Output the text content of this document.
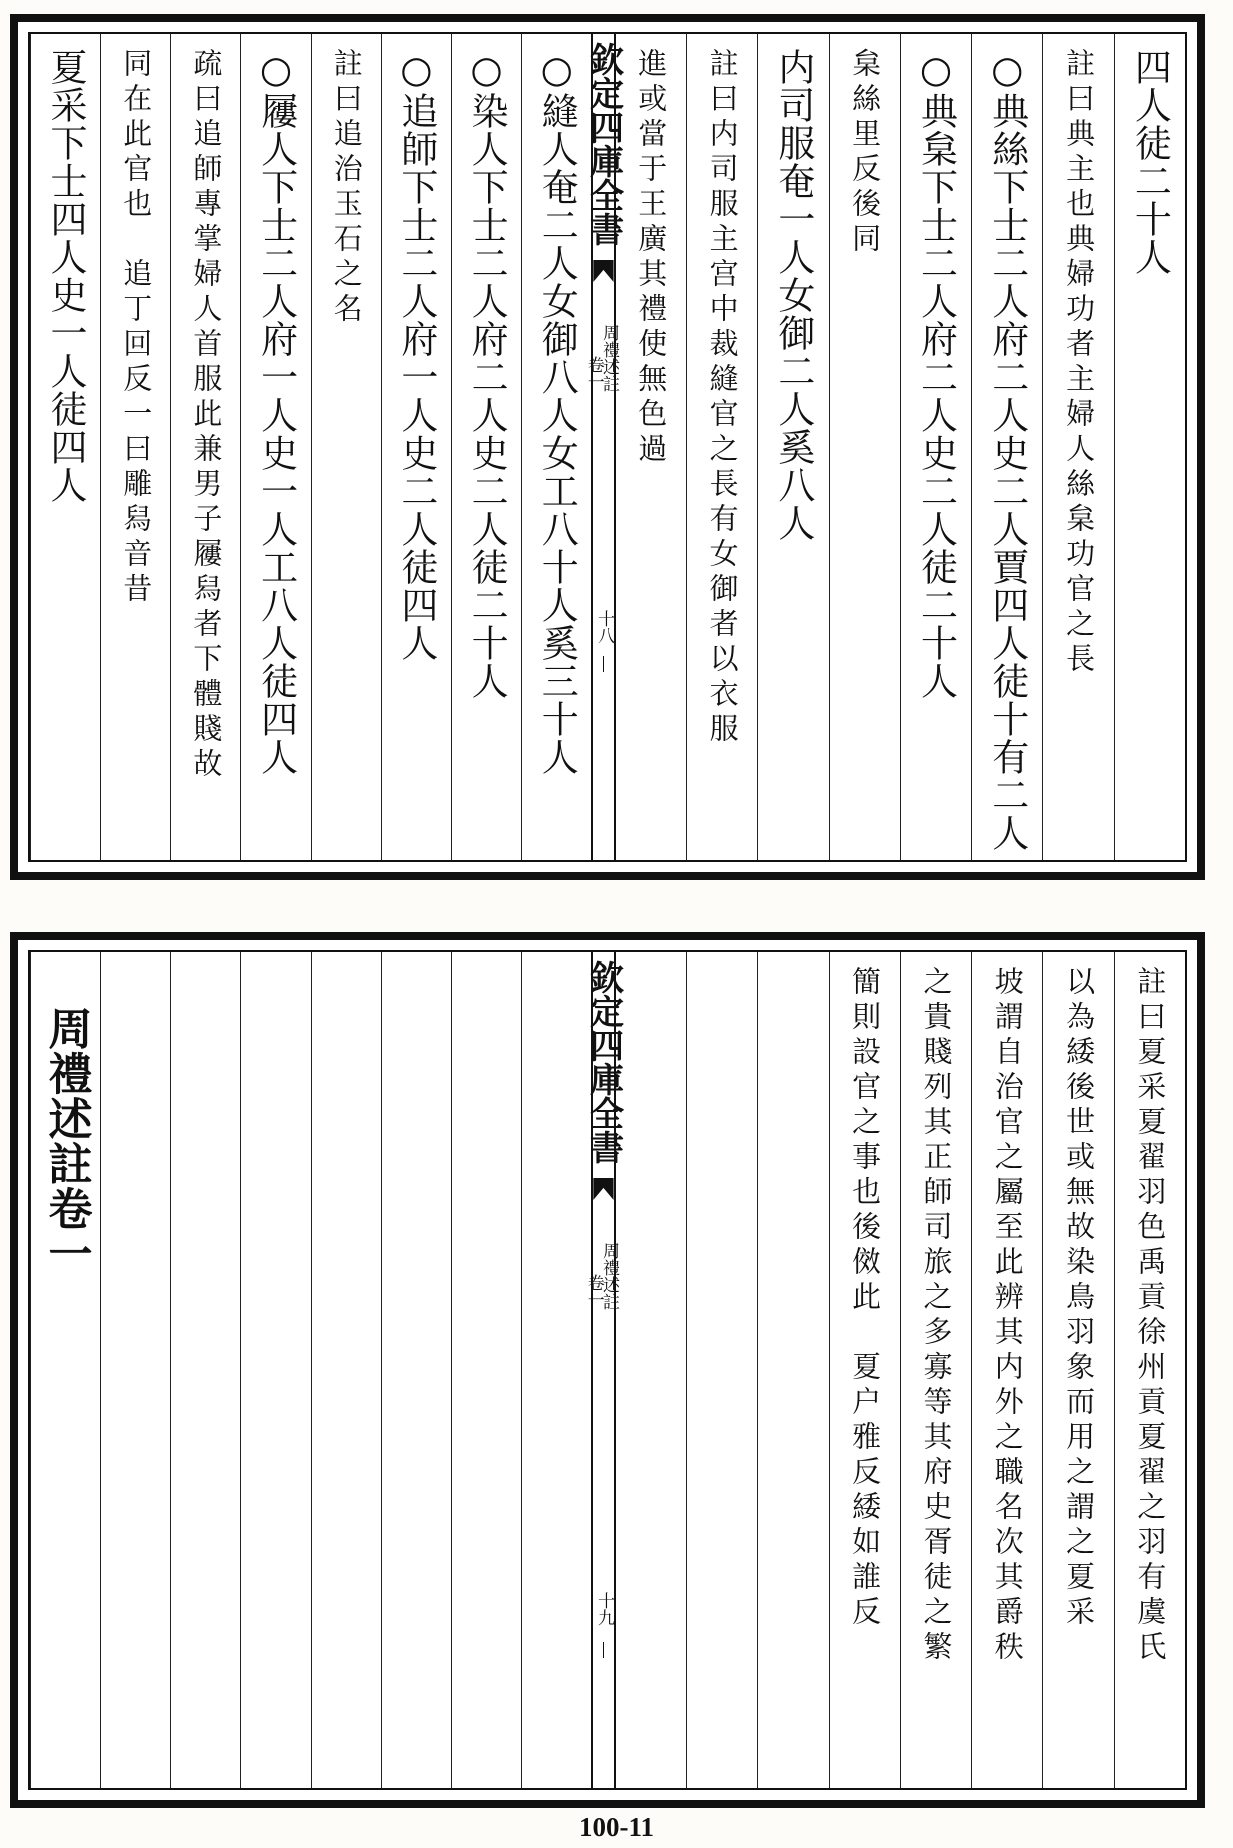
四人徒二十人
註曰典主也典婦功者主婦人絲枲功官之長
○典絲下士二人府二人史二人賈四人徒十有二人
○典枲下士二人府二人史二人徒二十人
枲絲里反後同
内司服奄一人女御二人奚八人
註曰内司服主宫中裁縫官之長有女御者以衣服
進或當于王廣其禮使無色過
欽定四庫全書
周禮述註
卷一
十八
○縫人奄二人女御八人女工八十人奚三十人
○染人下士二人府二人史二人徒二十人
○追師下士二人府一人史二人徒四人
註曰追治玉石之名
○屨人下士二人府一人史一人工八人徒四人
疏曰追師專掌婦人首服此兼男子屨舄者下體賤故
同在此官也　追丁回反一曰雕舄音昔
夏采下士四人史一人徒四人
註曰夏采夏翟羽色禹貢徐州貢夏翟之羽有虞氏
以為緌後世或無故染鳥羽象而用之謂之夏采
坡謂自治官之屬至此辨其内外之職名次其爵秩
之貴賤列其正師司旅之多寡等其府史胥徒之繁
簡則設官之事也後傚此　夏户雅反緌如誰反
欽定四庫全書
周禮述註
卷一
十九
周禮述註卷一
100-11
